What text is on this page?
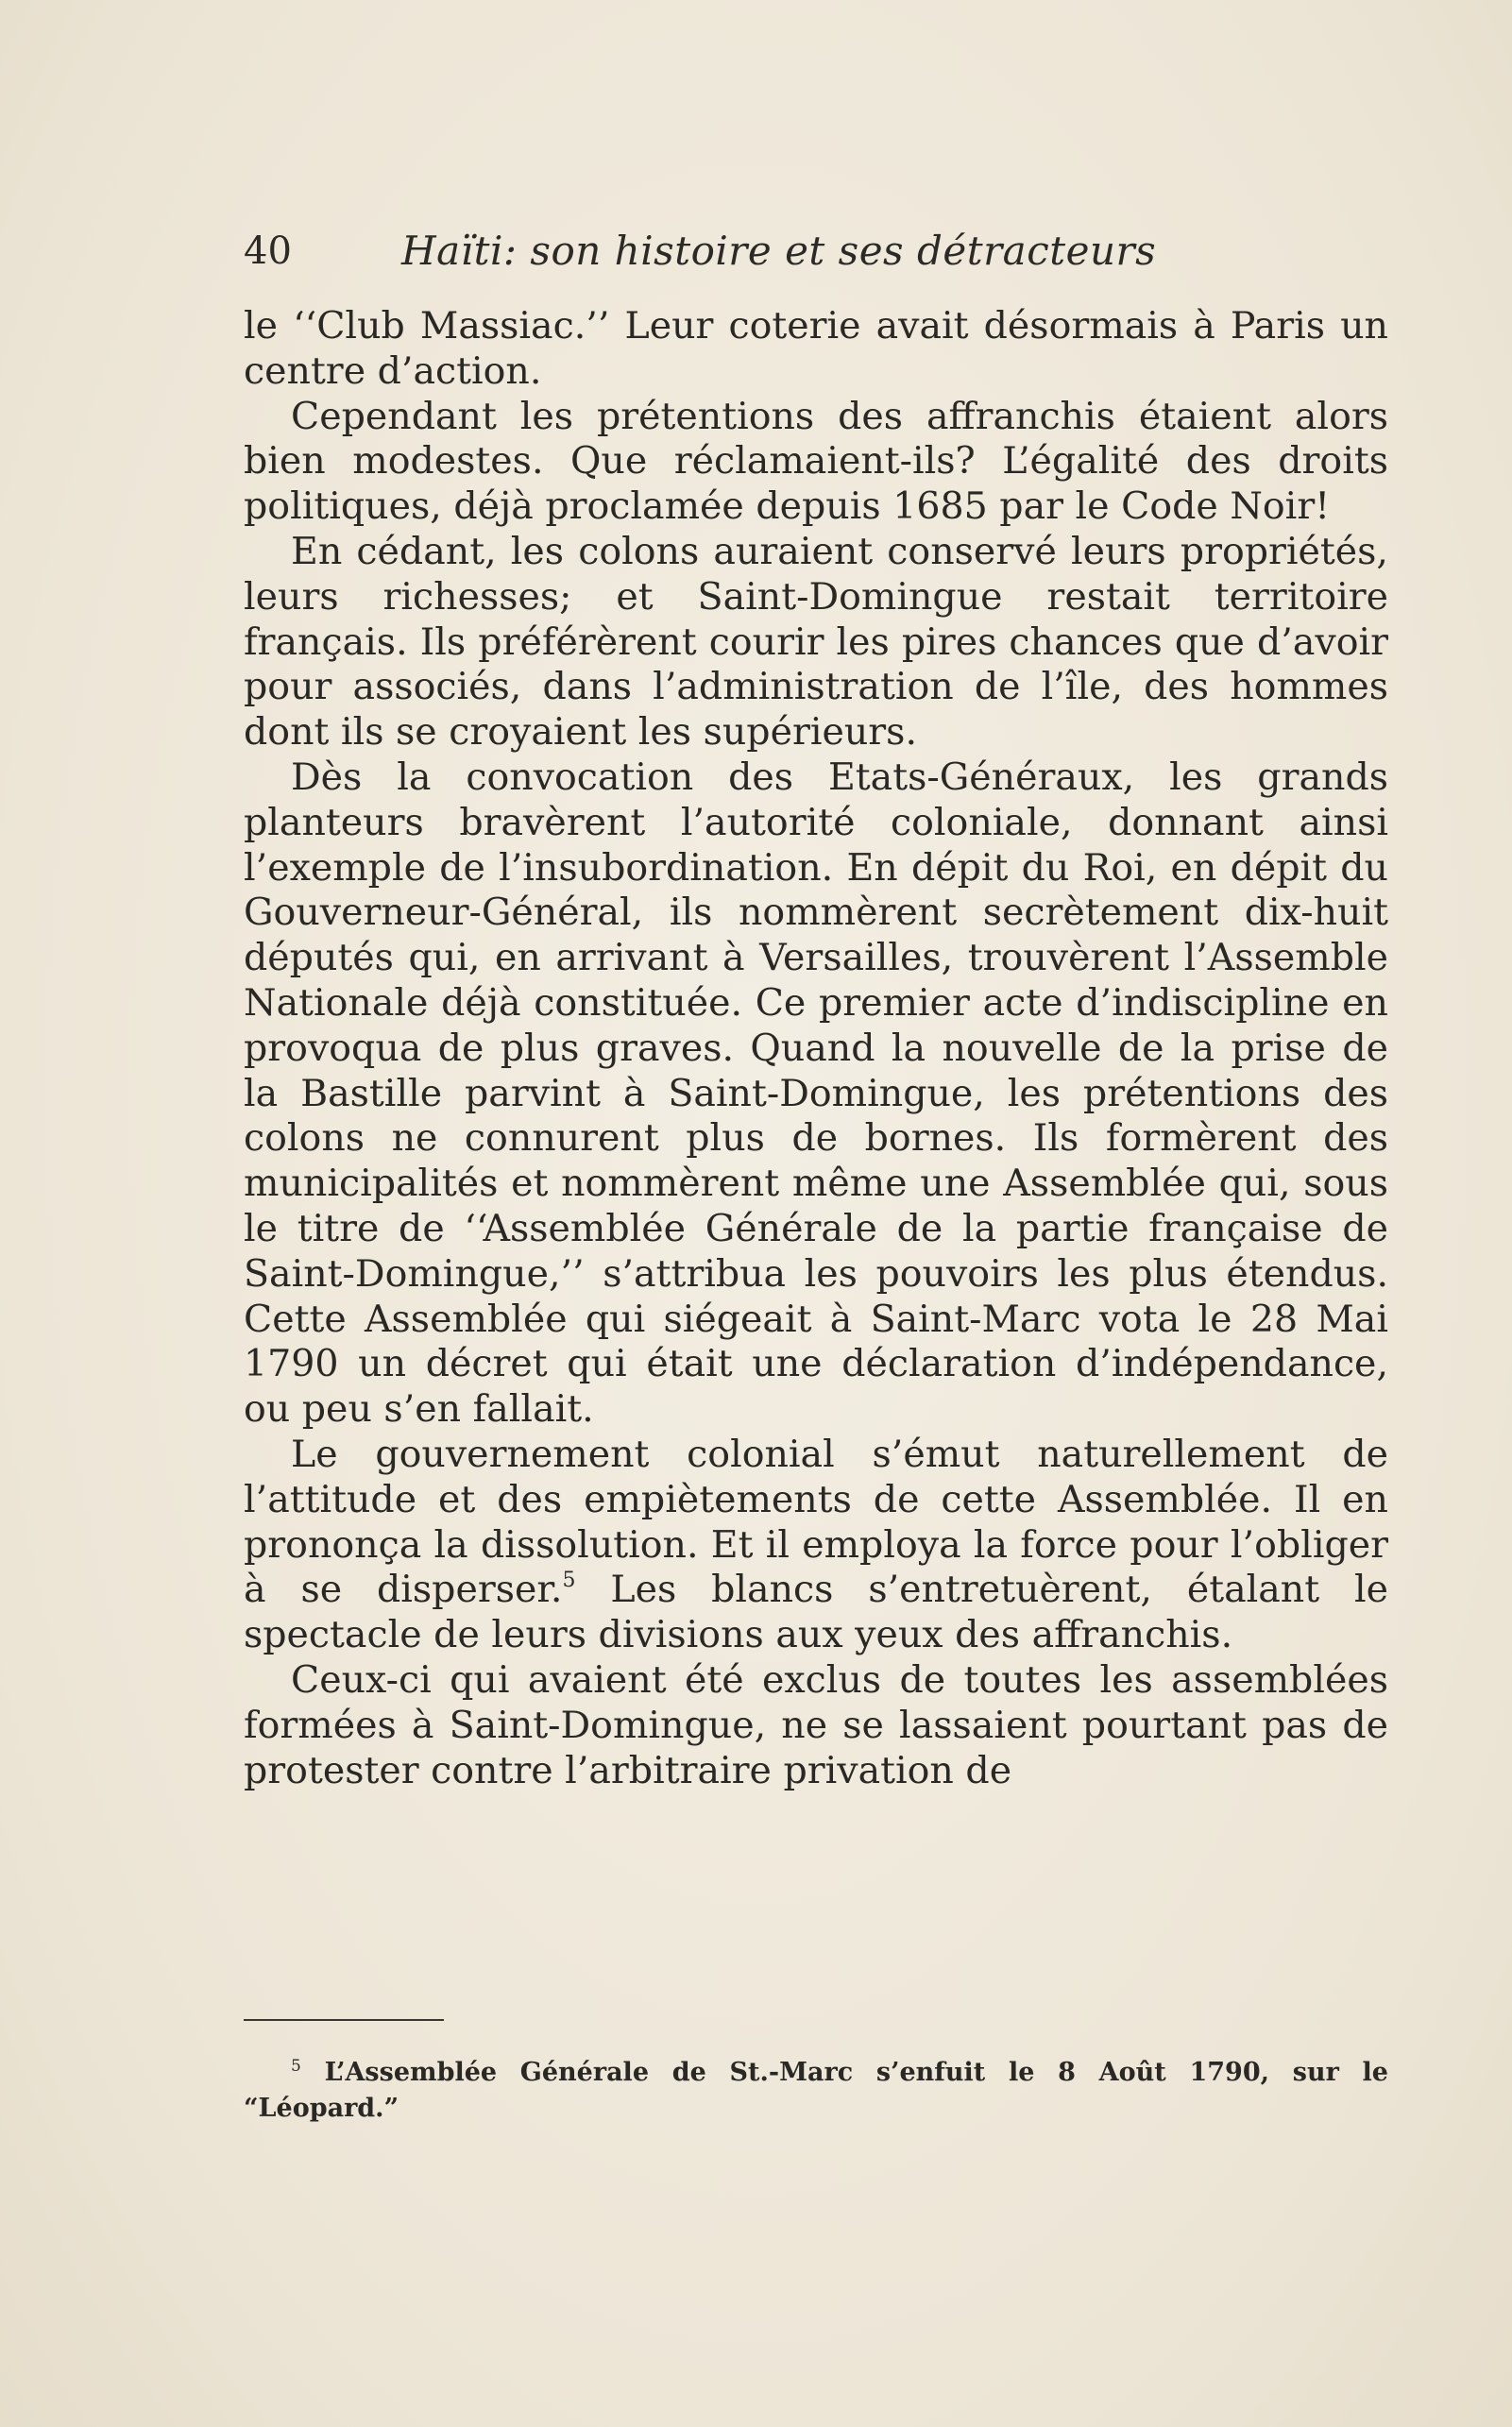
40	Haïti: son histoire et ses détracteurs

le ‘‘Club Massiac.’’ Leur coterie avait désormais à Paris un centre d’action.

Cependant les prétentions des affranchis étaient alors bien modestes. Que réclamaient-ils? L’égalité des droits politiques, déjà proclamée depuis 1685 par le Code Noir!

En cédant, les colons auraient conservé leurs propriétés, leurs richesses; et Saint-Domingue restait territoire français. Ils préférèrent courir les pires chances que d’avoir pour associés, dans l’administration de l’île, des hommes dont ils se croyaient les supérieurs.

Dès la convocation des Etats-Généraux, les grands planteurs bravèrent l’autorité coloniale, donnant ainsi l’exemple de l’insubordination. En dépit du Roi, en dépit du Gouverneur-Général, ils nommèrent secrètement dix-huit députés qui, en arrivant à Versailles, trouvèrent l’Assemble Nationale déjà constituée. Ce premier acte d’indiscipline en provoqua de plus graves. Quand la nouvelle de la prise de la Bastille parvint à Saint-Domingue, les prétentions des colons ne connurent plus de bornes. Ils formèrent des municipalités et nommèrent même une Assemblée qui, sous le titre de ‘‘Assemblée Générale de la partie française de Saint-Domingue,’’ s’attribua les pouvoirs les plus étendus. Cette Assemblée qui siégeait à Saint-Marc vota le 28 Mai 1790 un décret qui était une déclaration d’indépendance, ou peu s’en fallait.

Le gouvernement colonial s’émut naturellement de l’attitude et des empiètements de cette Assemblée. Il en prononça la dissolution. Et il employa la force pour l’obliger à se disperser.$^5$ Les blancs s’entretuèrent, étalant le spectacle de leurs divisions aux yeux des affranchis.

Ceux-ci qui avaient été exclus de toutes les assemblées formées à Saint-Domingue, ne se lassaient pourtant pas de protester contre l’arbitraire privation de

$^5$ L’Assemblée Générale de St.-Marc s’enfuit le 8 Août 1790, sur le “Léopard.”
